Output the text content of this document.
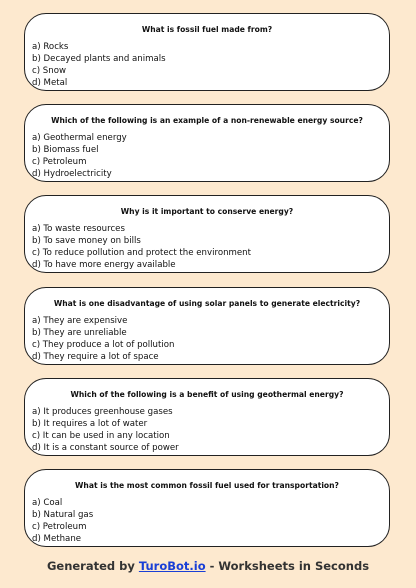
What is fossil fuel made from?
a) Rocks
b) Decayed plants and animals
c) Snow
d) Metal
Which of the following is an example of a non-renewable energy source?
a) Geothermal energy
b) Biomass fuel
c) Petroleum
d) Hydroelectricity
Why is it important to conserve energy?
a) To waste resources
b) To save money on bills
c) To reduce pollution and protect the environment
d) To have more energy available
What is one disadvantage of using solar panels to generate electricity?
a) They are expensive
b) They are unreliable
c) They produce a lot of pollution
d) They require a lot of space
Which of the following is a benefit of using geothermal energy?
a) It produces greenhouse gases
b) It requires a lot of water
c) It can be used in any location
d) It is a constant source of power
What is the most common fossil fuel used for transportation?
a) Coal
b) Natural gas
c) Petroleum
d) Methane
Generated by TuroBot.io - Worksheets in Seconds
